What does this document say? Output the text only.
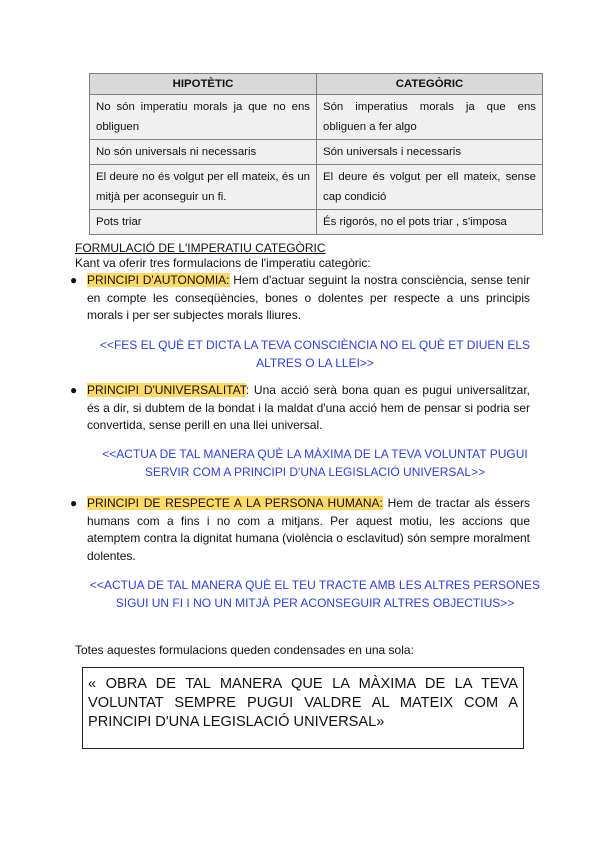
HIPOTÈTIC	CATEGÒRIC
No són imperatiu morals ja que no ens obliguen	Són imperatius morals ja que ens obliguen a fer algo
No són universals ni necessaris	Són universals i necessaris
El deure no és volgut per ell mateix, és un mitjà per aconseguir un fi.	El deure és volgut per ell mateix, sense cap condició
Pots triar	És rigorós, no el pots triar , s'imposa
FORMULACIÓ DE L'IMPERATIU CATEGÒRIC
Kant va oferir tres formulacions de l'imperatiu categòric:
● PRINCIPI D'AUTONOMIA: Hem d'actuar seguint la nostra consciència, sense tenir en compte les conseqüències, bones o dolentes per respecte a uns principis morals i per ser subjectes morals lliures.
<<FES EL QUÈ ET DICTA LA TEVA CONSCIÈNCIA NO EL QUÈ ET DIUEN ELS ALTRES O LA LLEI>>
● PRINCIPI D'UNIVERSALITAT: Una acció serà bona quan es pugui universalitzar, és a dir, si dubtem de la bondat i la maldat d'una acció hem de pensar si podria ser convertida, sense perill en una llei universal.
<<ACTUA DE TAL MANERA QUÈ LA MÀXIMA DE LA TEVA VOLUNTAT PUGUI SERVIR COM A PRINCIPI D'UNA LEGISLACIÓ UNIVERSAL>>
● PRINCIPI DE RESPECTE A LA PERSONA HUMANA: Hem de tractar als éssers humans com a fins i no com a mitjans. Per aquest motiu, les accions que atemptem contra la dignitat humana (violència o esclavitud) són sempre moralment dolentes.
<<ACTUA DE TAL MANERA QUÈ EL TEU TRACTE AMB LES ALTRES PERSONES SIGUI UN FI I NO UN MITJÀ PER ACONSEGUIR ALTRES OBJECTIUS>>
Totes aquestes formulacions queden condensades en una sola:
« OBRA DE TAL MANERA QUE LA MÀXIMA DE LA TEVA VOLUNTAT SEMPRE PUGUI VALDRE AL MATEIX COM A PRINCIPI D'UNA LEGISLACIÓ UNIVERSAL»
